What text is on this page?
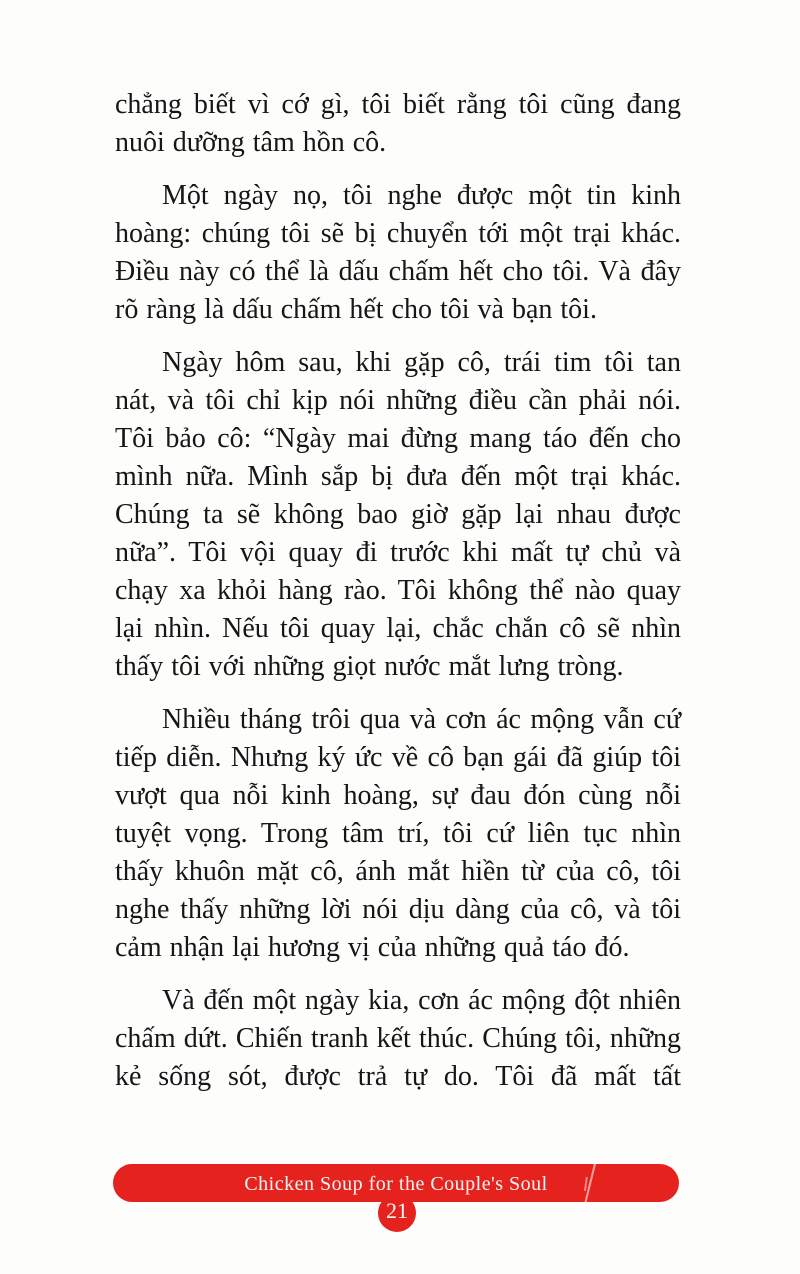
chẳng biết vì cớ gì, tôi biết rằng tôi cũng đang nuôi dưỡng tâm hồn cô.

Một ngày nọ, tôi nghe được một tin kinh hoàng: chúng tôi sẽ bị chuyển tới một trại khác. Điều này có thể là dấu chấm hết cho tôi. Và đây rõ ràng là dấu chấm hết cho tôi và bạn tôi.

Ngày hôm sau, khi gặp cô, trái tim tôi tan nát, và tôi chỉ kịp nói những điều cần phải nói. Tôi bảo cô: “Ngày mai đừng mang táo đến cho mình nữa. Mình sắp bị đưa đến một trại khác. Chúng ta sẽ không bao giờ gặp lại nhau được nữa”. Tôi vội quay đi trước khi mất tự chủ và chạy xa khỏi hàng rào. Tôi không thể nào quay lại nhìn. Nếu tôi quay lại, chắc chắn cô sẽ nhìn thấy tôi với những giọt nước mắt lưng tròng.

Nhiều tháng trôi qua và cơn ác mộng vẫn cứ tiếp diễn. Nhưng ký ức về cô bạn gái đã giúp tôi vượt qua nỗi kinh hoàng, sự đau đón cùng nỗi tuyệt vọng. Trong tâm trí, tôi cứ liên tục nhìn thấy khuôn mặt cô, ánh mắt hiền từ của cô, tôi nghe thấy những lời nói dịu dàng của cô, và tôi cảm nhận lại hương vị của những quả táo đó.

Và đến một ngày kia, cơn ác mộng đột nhiên chấm dứt. Chiến tranh kết thúc. Chúng tôi, những kẻ sống sót, được trả tự do. Tôi đã mất tất

Chicken Soup for the Couple's Soul
21
